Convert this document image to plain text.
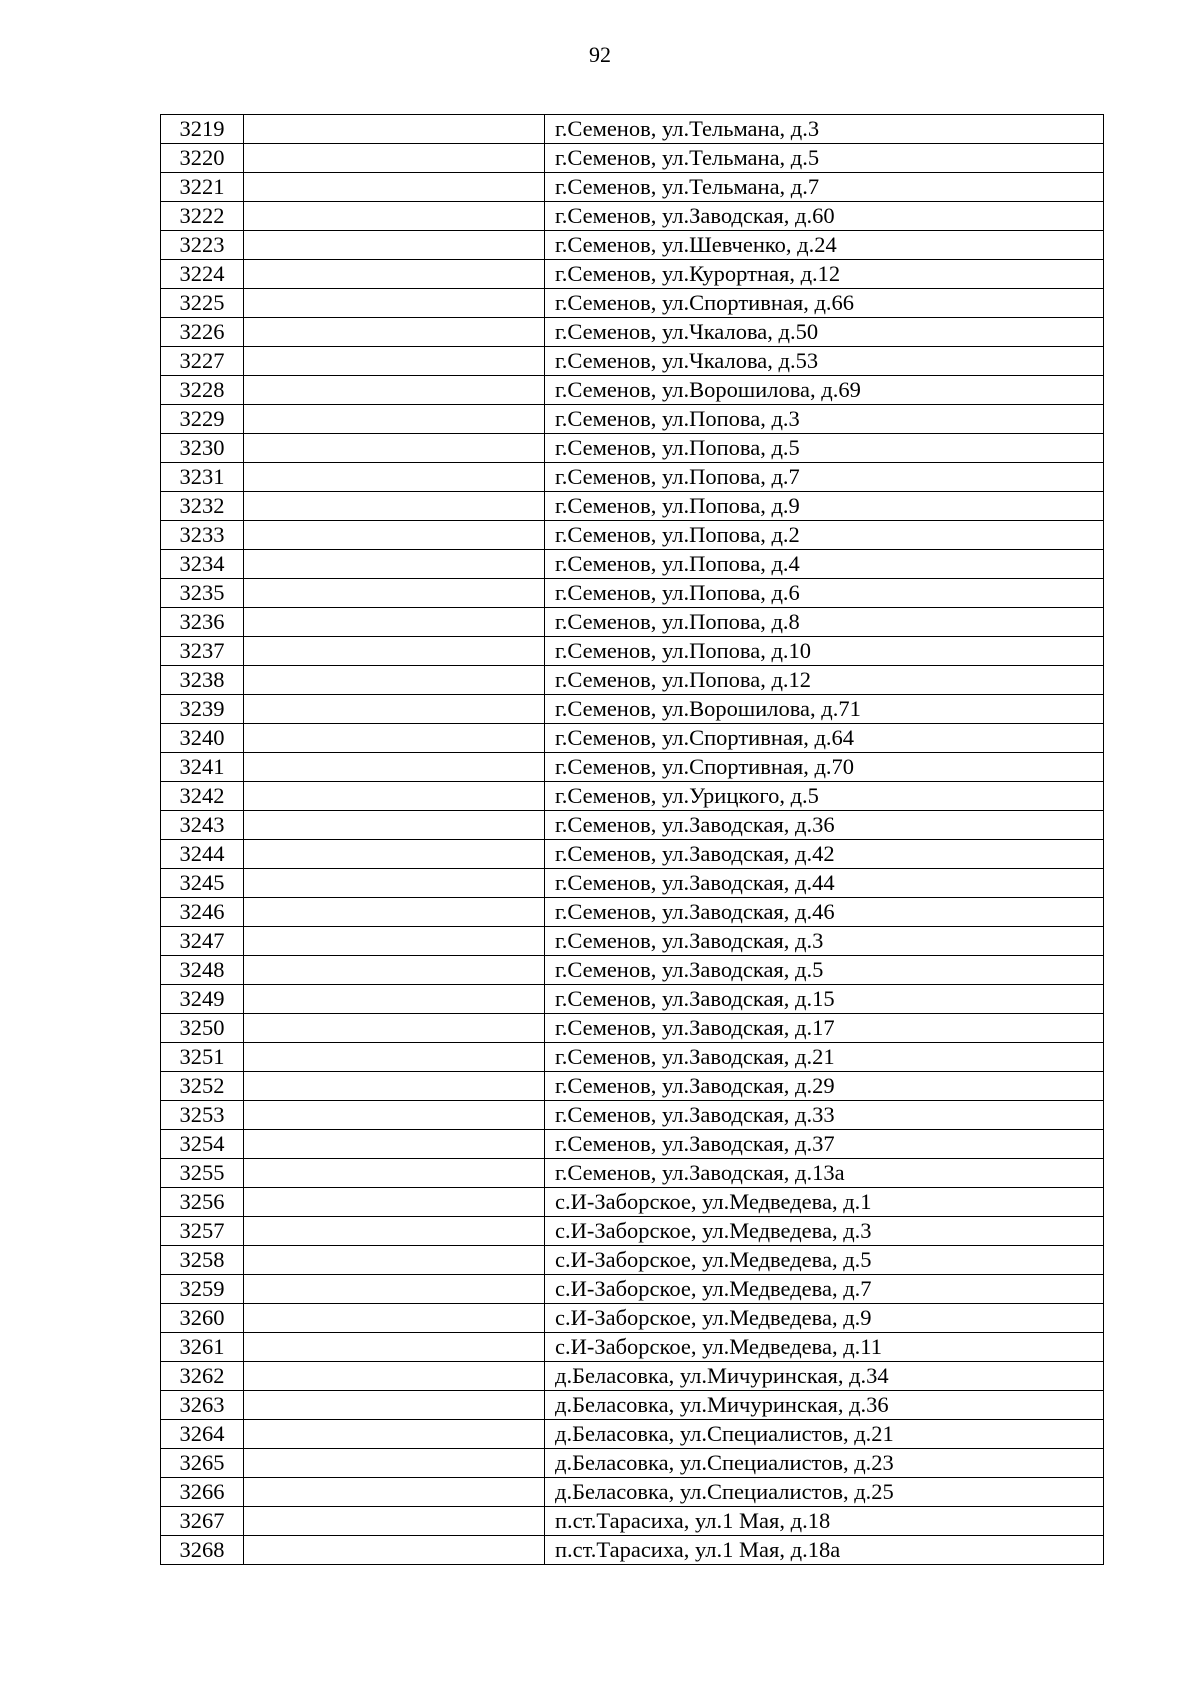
92
3219		г.Семенов, ул.Тельмана, д.3
3220		г.Семенов, ул.Тельмана, д.5
3221		г.Семенов, ул.Тельмана, д.7
3222		г.Семенов, ул.Заводская, д.60
3223		г.Семенов, ул.Шевченко, д.24
3224		г.Семенов, ул.Курортная, д.12
3225		г.Семенов, ул.Спортивная, д.66
3226		г.Семенов, ул.Чкалова, д.50
3227		г.Семенов, ул.Чкалова, д.53
3228		г.Семенов, ул.Ворошилова, д.69
3229		г.Семенов, ул.Попова, д.3
3230		г.Семенов, ул.Попова, д.5
3231		г.Семенов, ул.Попова, д.7
3232		г.Семенов, ул.Попова, д.9
3233		г.Семенов, ул.Попова, д.2
3234		г.Семенов, ул.Попова, д.4
3235		г.Семенов, ул.Попова, д.6
3236		г.Семенов, ул.Попова, д.8
3237		г.Семенов, ул.Попова, д.10
3238		г.Семенов, ул.Попова, д.12
3239		г.Семенов, ул.Ворошилова, д.71
3240		г.Семенов, ул.Спортивная, д.64
3241		г.Семенов, ул.Спортивная, д.70
3242		г.Семенов, ул.Урицкого, д.5
3243		г.Семенов, ул.Заводская, д.36
3244		г.Семенов, ул.Заводская, д.42
3245		г.Семенов, ул.Заводская, д.44
3246		г.Семенов, ул.Заводская, д.46
3247		г.Семенов, ул.Заводская, д.3
3248		г.Семенов, ул.Заводская, д.5
3249		г.Семенов, ул.Заводская, д.15
3250		г.Семенов, ул.Заводская, д.17
3251		г.Семенов, ул.Заводская, д.21
3252		г.Семенов, ул.Заводская, д.29
3253		г.Семенов, ул.Заводская, д.33
3254		г.Семенов, ул.Заводская, д.37
3255		г.Семенов, ул.Заводская, д.13а
3256		с.И-Заборское, ул.Медведева, д.1
3257		с.И-Заборское, ул.Медведева, д.3
3258		с.И-Заборское, ул.Медведева, д.5
3259		с.И-Заборское, ул.Медведева, д.7
3260		с.И-Заборское, ул.Медведева, д.9
3261		с.И-Заборское, ул.Медведева, д.11
3262		д.Беласовка, ул.Мичуринская, д.34
3263		д.Беласовка, ул.Мичуринская, д.36
3264		д.Беласовка, ул.Специалистов, д.21
3265		д.Беласовка, ул.Специалистов, д.23
3266		д.Беласовка, ул.Специалистов, д.25
3267		п.ст.Тарасиха, ул.1 Мая, д.18
3268		п.ст.Тарасиха, ул.1 Мая, д.18а
